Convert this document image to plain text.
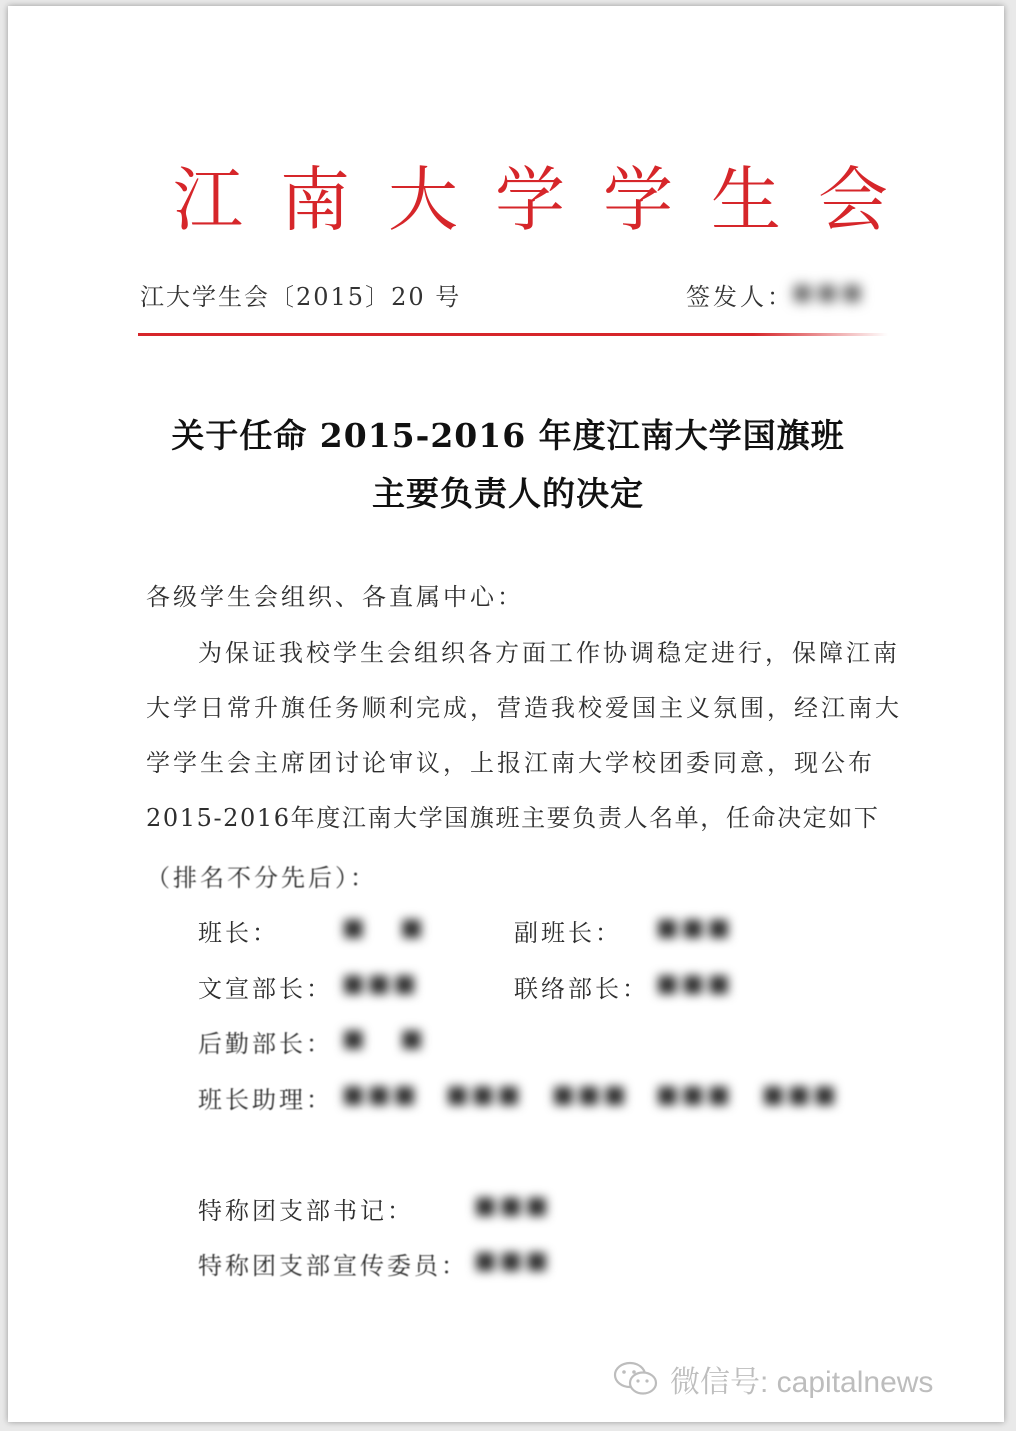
江 南 大 学 学 生 会
江大学生会〔2015〕20 号	签发人：
■■■
关于任命 2015-2016 年度江南大学国旗班
主要负责人的决定
各级学生会组织、各直属中心：
为保证我校学生会组织各方面工作协调稳定进行，保障江南
大学日常升旗任务顺利完成，营造我校爱国主义氛围，经江南大
学学生会主席团讨论审议，上报江南大学校团委同意，现公布
2015-2016年度江南大学国旗班主要负责人名单，任命决定如下
（排名不分先后）：
班长：	■ ■	副班长： ■■■
文宣部长： ■■■	联络部长： ■■■
后勤部长： ■ ■
班长助理： ■■■ ■■■ ■■■ ■■■ ■■■
特称团支部书记：	■■■
特称团支部宣传委员： ■■■
微信号: capitalnews
